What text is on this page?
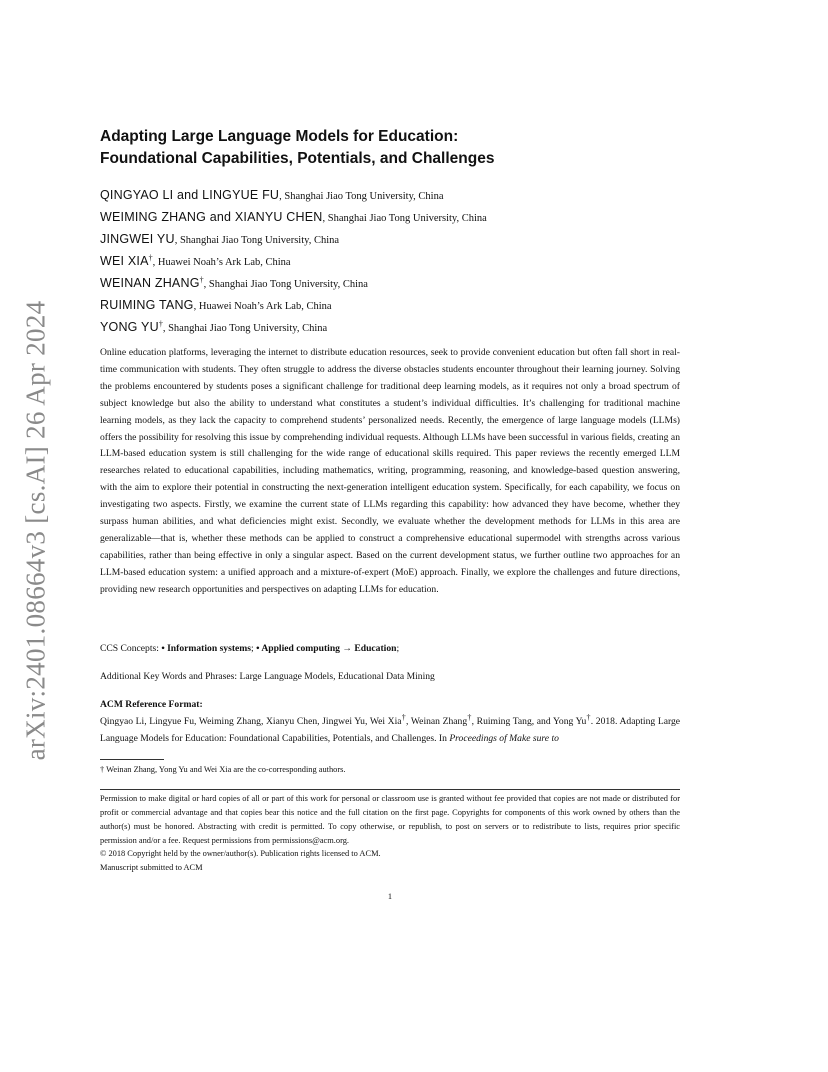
arXiv:2401.08664v3 [cs.AI] 26 Apr 2024
Adapting Large Language Models for Education:
Foundational Capabilities, Potentials, and Challenges
QINGYAO LI and LINGYUE FU, Shanghai Jiao Tong University, China
WEIMING ZHANG and XIANYU CHEN, Shanghai Jiao Tong University, China
JINGWEI YU, Shanghai Jiao Tong University, China
WEI XIA†, Huawei Noah’s Ark Lab, China
WEINAN ZHANG†, Shanghai Jiao Tong University, China
RUIMING TANG, Huawei Noah’s Ark Lab, China
YONG YU†, Shanghai Jiao Tong University, China
Online education platforms, leveraging the internet to distribute education resources, seek to provide convenient education but often fall short in real-time communication with students. They often struggle to address the diverse obstacles students encounter throughout their learning journey. Solving the problems encountered by students poses a significant challenge for traditional deep learning models, as it requires not only a broad spectrum of subject knowledge but also the ability to understand what constitutes a student’s individual difficulties. It’s challenging for traditional machine learning models, as they lack the capacity to comprehend students’ personalized needs. Recently, the emergence of large language models (LLMs) offers the possibility for resolving this issue by comprehending individual requests. Although LLMs have been successful in various fields, creating an LLM-based education system is still challenging for the wide range of educational skills required. This paper reviews the recently emerged LLM researches related to educational capabilities, including mathematics, writing, programming, reasoning, and knowledge-based question answering, with the aim to explore their potential in constructing the next-generation intelligent education system. Specifically, for each capability, we focus on investigating two aspects. Firstly, we examine the current state of LLMs regarding this capability: how advanced they have become, whether they surpass human abilities, and what deficiencies might exist. Secondly, we evaluate whether the development methods for LLMs in this area are generalizable—that is, whether these methods can be applied to construct a comprehensive educational supermodel with strengths across various capabilities, rather than being effective in only a singular aspect. Based on the current development status, we further outline two approaches for an LLM-based education system: a unified approach and a mixture-of-expert (MoE) approach. Finally, we explore the challenges and future directions, providing new research opportunities and perspectives on adapting LLMs for education.
CCS Concepts: • Information systems; • Applied computing → Education;
Additional Key Words and Phrases: Large Language Models, Educational Data Mining
ACM Reference Format:
Qingyao Li, Lingyue Fu, Weiming Zhang, Xianyu Chen, Jingwei Yu, Wei Xia†, Weinan Zhang†, Ruiming Tang, and Yong Yu†. 2018. Adapting Large Language Models for Education: Foundational Capabilities, Potentials, and Challenges. In Proceedings of Make sure to
† Weinan Zhang, Yong Yu and Wei Xia are the co-corresponding authors.
Permission to make digital or hard copies of all or part of this work for personal or classroom use is granted without fee provided that copies are not made or distributed for profit or commercial advantage and that copies bear this notice and the full citation on the first page. Copyrights for components of this work owned by others than the author(s) must be honored. Abstracting with credit is permitted. To copy otherwise, or republish, to post on servers or to redistribute to lists, requires prior specific permission and/or a fee. Request permissions from permissions@acm.org.
© 2018 Copyright held by the owner/author(s). Publication rights licensed to ACM.
Manuscript submitted to ACM
1
